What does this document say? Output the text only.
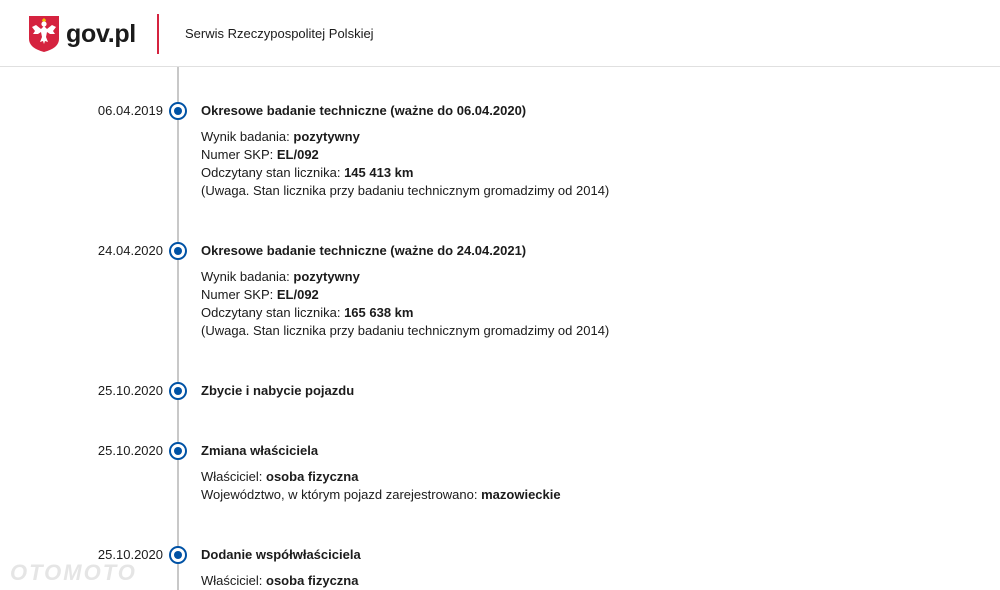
gov.pl	Serwis Rzeczypospolitej Polskiej
06.04.2019	Okresowe badanie techniczne (ważne do 06.04.2020)
Wynik badania: pozytywny
Numer SKP: EL/092
Odczytany stan licznika: 145 413 km
(Uwaga. Stan licznika przy badaniu technicznym gromadzimy od 2014)
24.04.2020	Okresowe badanie techniczne (ważne do 24.04.2021)
Wynik badania: pozytywny
Numer SKP: EL/092
Odczytany stan licznika: 165 638 km
(Uwaga. Stan licznika przy badaniu technicznym gromadzimy od 2014)
25.10.2020	Zbycie i nabycie pojazdu
25.10.2020	Zmiana właściciela
Właściciel: osoba fizyczna
Województwo, w którym pojazd zarejestrowano: mazowieckie
25.10.2020	Dodanie współwłaściciela
Właściciel: osoba fizyczna
OTOMOTO
